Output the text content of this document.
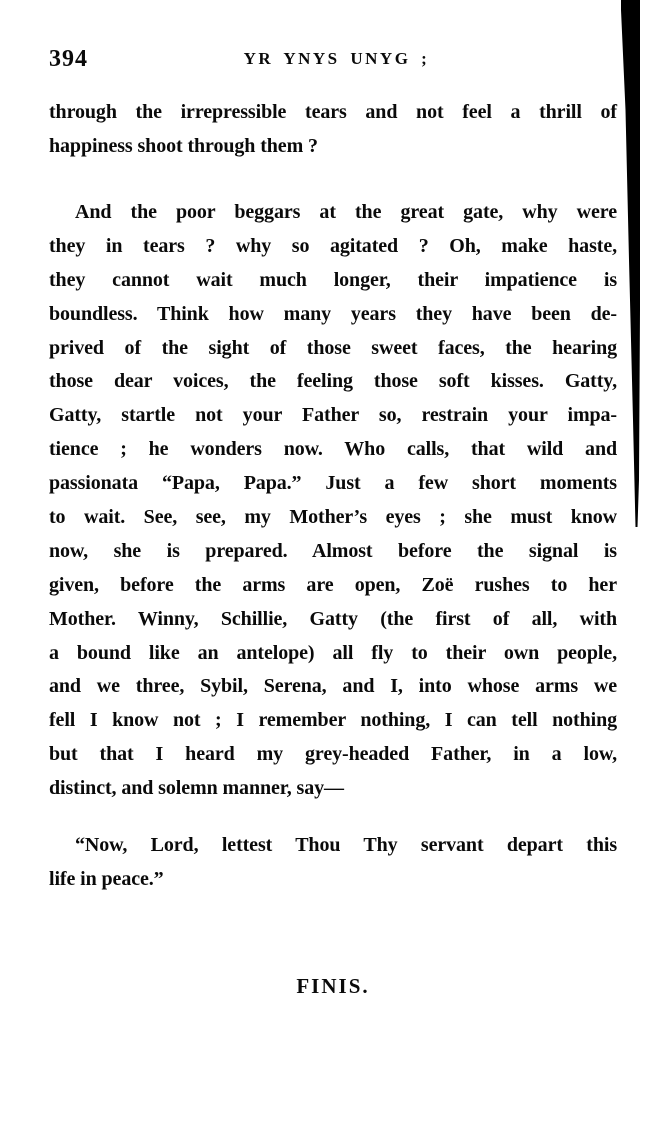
394	YR YNYS UNYG ;
through the irrepressible tears and not feel a thrill of
happiness shoot through them ?
And the poor beggars at the great gate, why were
they in tears ? why so agitated ? Oh, make haste,
they cannot wait much longer, their impatience is
boundless. Think how many years they have been de-
prived of the sight of those sweet faces, the hearing
those dear voices, the feeling those soft kisses. Gatty,
Gatty, startle not your Father so, restrain your impa-
tience ; he wonders now. Who calls, that wild and
passionata “Papa, Papa.” Just a few short moments
to wait. See, see, my Mother’s eyes ; she must know
now, she is prepared. Almost before the signal is
given, before the arms are open, Zoë rushes to her
Mother. Winny, Schillie, Gatty (the first of all, with
a bound like an antelope) all fly to their own people,
and we three, Sybil, Serena, and I, into whose arms we
fell I know not ; I remember nothing, I can tell nothing
but that I heard my grey-headed Father, in a low,
distinct, and solemn manner, say—
“Now, Lord, lettest Thou Thy servant depart this
life in peace.”
FINIS.
